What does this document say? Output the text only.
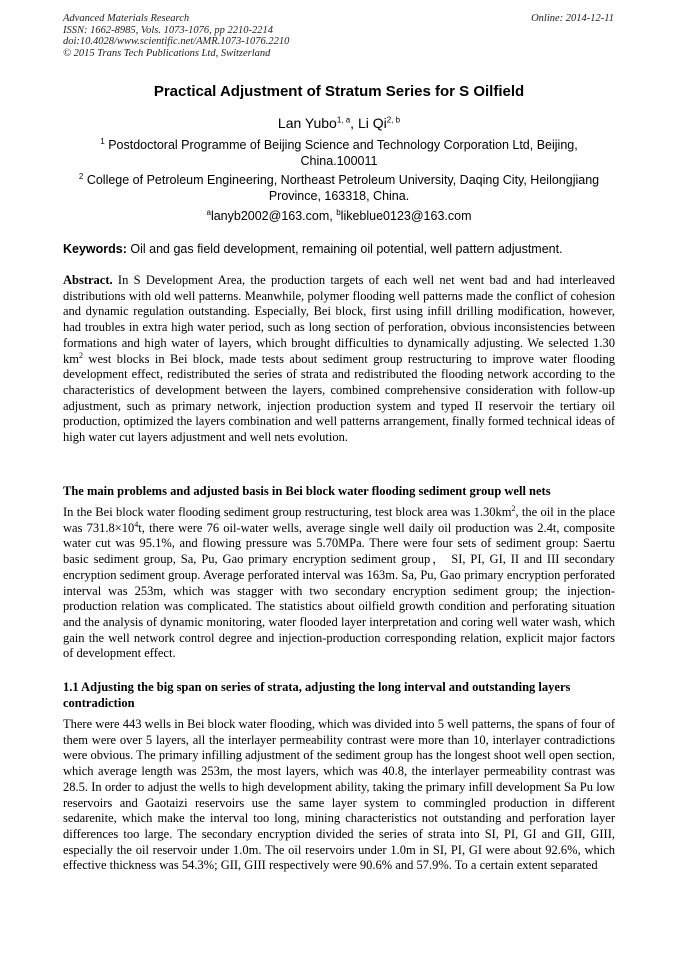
Advanced Materials Research
ISSN: 1662-8985, Vols. 1073-1076, pp 2210-2214
doi:10.4028/www.scientific.net/AMR.1073-1076.2210
© 2015 Trans Tech Publications Ltd, Switzerland
Online: 2014-12-11
Practical Adjustment of Stratum Series for S Oilfield
Lan Yubo$^{1, a}$, Li Qi$^{2, b}$
$^1$ Postdoctoral Programme of Beijing Science and Technology Corporation Ltd, Beijing, China.100011
$^2$ College of Petroleum Engineering, Northeast Petroleum University, Daqing City, Heilongjiang Province, 163318, China.
$^a$lanyb2002@163.com, $^b$likeblue0123@163.com
Keywords: Oil and gas field development, remaining oil potential, well pattern adjustment.
Abstract. In S Development Area, the production targets of each well net went bad and had interleaved distributions with old well patterns. Meanwhile, polymer flooding well patterns made the conflict of cohesion and dynamic regulation outstanding. Especially, Bei block, first using infill drilling modification, however, had troubles in extra high water period, such as long section of perforation, obvious inconsistencies between formations and high water of layers, which brought difficulties to dynamically adjusting. We selected 1.30 $km^2$ west blocks in Bei block, made tests about sediment group restructuring to improve water flooding development effect, redistributed the series of strata and redistributed the flooding network according to the characteristics of development between the layers, combined comprehensive consideration with follow-up adjustment, such as primary network, injection production system and typed II reservoir the tertiary oil production, optimized the layers combination and well patterns arrangement, finally formed technical ideas of high water cut layers adjustment and well nets evolution.
The main problems and adjusted basis in Bei block water flooding sediment group well nets
In the Bei block water flooding sediment group restructuring, test block area was $1.30km^2$, the oil in the place was $731.8\times 10^4t$, there were 76 oil-water wells, average single well daily oil production was 2.4t, composite water cut was 95.1%, and flowing pressure was 5.70MPa. There were four sets of sediment group: Saertu basic sediment group, Sa, Pu, Gao primary encryption sediment group， SI, PI, GI, II and III secondary encryption sediment group. Average perforated interval was 163m. Sa, Pu, Gao primary encryption perforated interval was 253m, which was stagger with two secondary encryption sediment group; the injection-production relation was complicated. The statistics about oilfield growth condition and perforating situation and the analysis of dynamic monitoring, water flooded layer interpretation and coring well water wash, which gain the well network control degree and injection-production corresponding relation, explicit major factors of development effect.
1.1 Adjusting the big span on series of strata, adjusting the long interval and outstanding layers contradiction
There were 443 wells in Bei block water flooding, which was divided into 5 well patterns, the spans of four of them were over 5 layers, all the interlayer permeability contrast were more than 10, interlayer contradictions were obvious. The primary infilling adjustment of the sediment group has the longest shoot well open section, which average length was 253m, the most layers, which was 40.8, the interlayer permeability contrast was 28.5. In order to adjust the wells to high development ability, taking the primary infill development Sa Pu low reservoirs and Gaotaizi reservoirs use the same layer system to commingled production in different sedarenite, which make the interval too long, mining characteristics not outstanding and perforation layer differences too large. The secondary encryption divided the series of strata into SI, PI, GI and GII, GIII, especially the oil reservoir under 1.0m. The oil reservoirs under 1.0m in SI, PI, GI were about 92.6%, which effective thickness was 54.3%; GII, GIII respectively were 90.6% and 57.9%. To a certain extent separated
